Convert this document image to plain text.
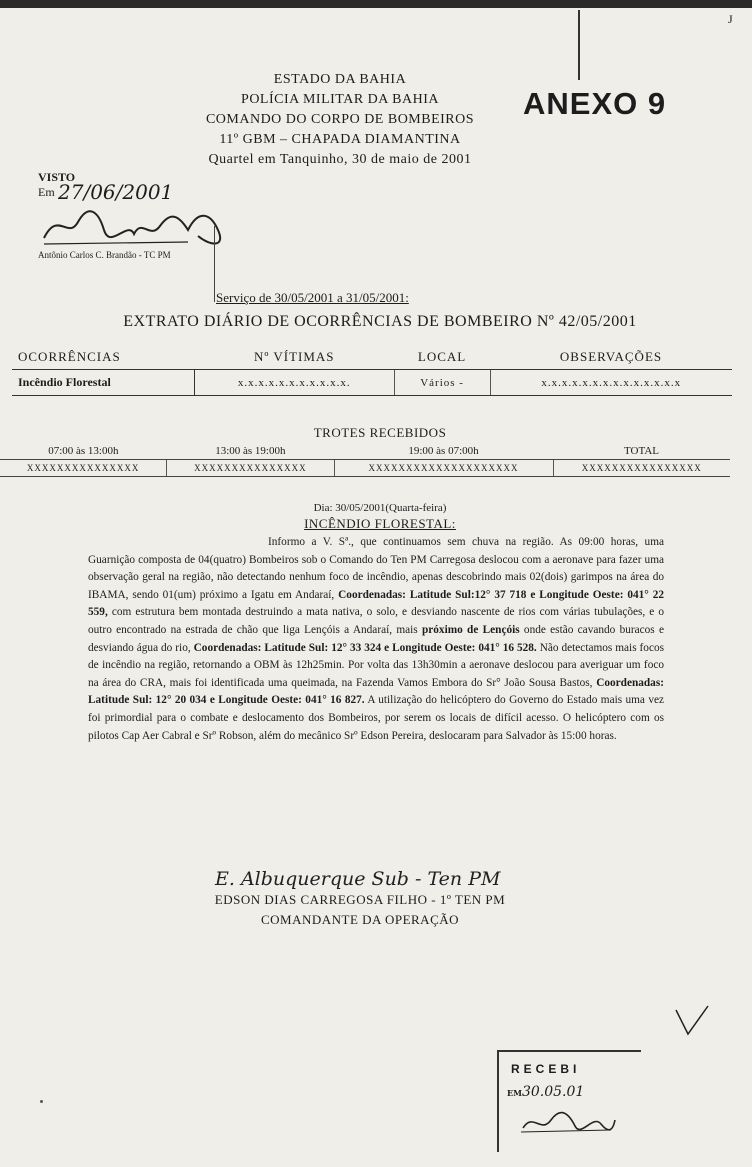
J
ESTADO DA BAHIA
POLÍCIA MILITAR DA BAHIA
COMANDO DO CORPO DE BOMBEIROS
11º GBM – CHAPADA DIAMANTINA
Quartel em Tanquinho, 30 de maio de 2001
ANEXO 9
VISTO
Em 27/06/2001
Antônio Carlos C. Brandão - TC PM
Serviço de 30/05/2001 a 31/05/2001:
EXTRATO DIÁRIO DE OCORRÊNCIAS DE BOMBEIRO Nº 42/05/2001
OCORRÊNCIAS	Nº VÍTIMAS	LOCAL	OBSERVAÇÕES
Incêndio Florestal	x.x.x.x.x.x.x.x.x.x.x.	Vários -	x.x.x.x.x.x.x.x.x.x.x.x.x.x
TROTES RECEBIDOS
07:00 às 13:00h	13:00 às 19:00h	19:00 às 07:00h	TOTAL
XXXXXXXXXXXXXXX	XXXXXXXXXXXXXXX	XXXXXXXXXXXXXXXXXXXX	XXXXXXXXXXXXXXXX
Dia: 30/05/2001(Quarta-feira)
INCÊNDIO FLORESTAL:
Informo a V. Sª., que continuamos sem chuva na região. As 09:00 horas, uma Guarnição composta de 04(quatro) Bombeiros sob o Comando do Ten PM Carregosa deslocou com a aeronave para fazer uma observação geral na região, não detectando nenhum foco de incêndio, apenas descobrindo mais 02(dois) garimpos na área do IBAMA, sendo 01(um) próximo a Igatu em Andaraí, Coordenadas: Latitude Sul:12° 37 718 e Longitude Oeste: 041° 22 559, com estrutura bem montada destruindo a mata nativa, o solo, e desviando nascente de rios com várias tubulações, e o outro encontrado na estrada de chão que liga Lençóis a Andaraí, mais próximo de Lençóis onde estão cavando buracos e desviando água do rio, Coordenadas: Latitude Sul: 12° 33 324 e Longitude Oeste: 041° 16 528. Não detectamos mais focos de incêndio na região, retornando a OBM às 12h25min. Por volta das 13h30min a aeronave deslocou para averiguar um foco na área do CRA, mais foi identificada uma queimada, na Fazenda Vamos Embora do Sr° João Sousa Bastos, Coordenadas: Latitude Sul: 12° 20 034 e Longitude Oeste: 041° 16 827. A utilização do helicóptero do Governo do Estado mais uma vez foi primordial para o combate e deslocamento dos Bombeiros, por serem os locais de difícil acesso. O helicóptero com os pilotos Cap Aer Cabral e Srº Robson, além do mecânico Srº Edson Pereira, deslocaram para Salvador às 15:00 horas.
E. Albuquerque Sub - Ten PM
EDSON DIAS CARREGOSA FILHO - 1º TEN PM
COMANDANTE DA OPERAÇÃO
RECEBI
EM30.05.01
